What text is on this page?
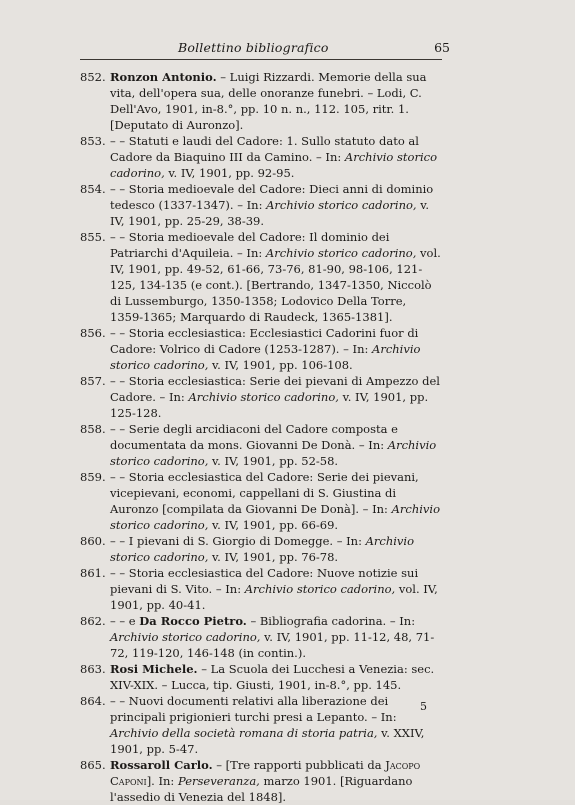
Bollettino bibliografico	65

852. Ronzon Antonio. – Luigi Rizzardi. Memorie della sua vita, dell'opera sua, delle onoranze funebri. – Lodi, C. Dell'Avo, 1901, in-8.°, pp. 10 n. n., 112. 105, ritr. 1. [Deputato di Auronzo].

853. – – Statuti e laudi del Cadore: 1. Sullo statuto dato al Cadore da Biaquino III da Camino. – In: Archivio storico cadorino, v. IV, 1901, pp. 92-95.

854. – – Storia medioevale del Cadore: Dieci anni di dominio tedesco (1337-1347). – In: Archivio storico cadorino, v. IV, 1901, pp. 25-29, 38-39.

855. – – Storia medioevale del Cadore: Il dominio dei Patriarchi d'Aquileia. – In: Archivio storico cadorino, vol. IV, 1901, pp. 49-52, 61-66, 73-76, 81-90, 98-106, 121-125, 134-135 (e cont.). [Bertrando, 1347-1350, Niccolò di Lussemburgo, 1350-1358; Lodovico Della Torre, 1359-1365; Marquardo di Raudeck, 1365-1381].

856. – – Storia ecclesiastica: Ecclesiastici Cadorini fuor di Cadore: Volrico di Cadore (1253-1287). – In: Archivio storico cadorino, v. IV, 1901, pp. 106-108.

857. – – Storia ecclesiastica: Serie dei pievani di Ampezzo del Cadore. – In: Archivio storico cadorino, v. IV, 1901, pp. 125-128.

858. – – Serie degli arcidiaconi del Cadore composta e documentata da mons. Giovanni De Donà. – In: Archivio storico cadorino, v. IV, 1901, pp. 52-58.

859. – – Storia ecclesiastica del Cadore: Serie dei pievani, vicepievani, economi, cappellani di S. Giustina di Auronzo [compilata da Giovanni De Donà]. – In: Archivio storico cadorino, v. IV, 1901, pp. 66-69.

860. – – I pievani di S. Giorgio di Domegge. – In: Archivio storico cadorino, v. IV, 1901, pp. 76-78.

861. – – Storia ecclesiastica del Cadore: Nuove notizie sui pievani di S. Vito. – In: Archivio storico cadorino, vol. IV, 1901, pp. 40-41.

862. – – e Da Rocco Pietro. – Bibliografia cadorina. – In: Archivio storico cadorino, v. IV, 1901, pp. 11-12, 48, 71-72, 119-120, 146-148 (in contin.).

863. Rosi Michele. – La Scuola dei Lucchesi a Venezia: sec. XIV-XIX. – Lucca, tip. Giusti, 1901, in-8.°, pp. 145.

864. – – Nuovi documenti relativi alla liberazione dei principali prigionieri turchi presi a Lepanto. – In: Archivio della società romana di storia patria, v. XXIV, 1901, pp. 5-47.

865. Rossaroll Carlo. – [Tre rapporti pubblicati da Jacopo Caponi]. In: Perseveranza, marzo 1901. [Riguardano l'assedio di Venezia del 1848].

5
